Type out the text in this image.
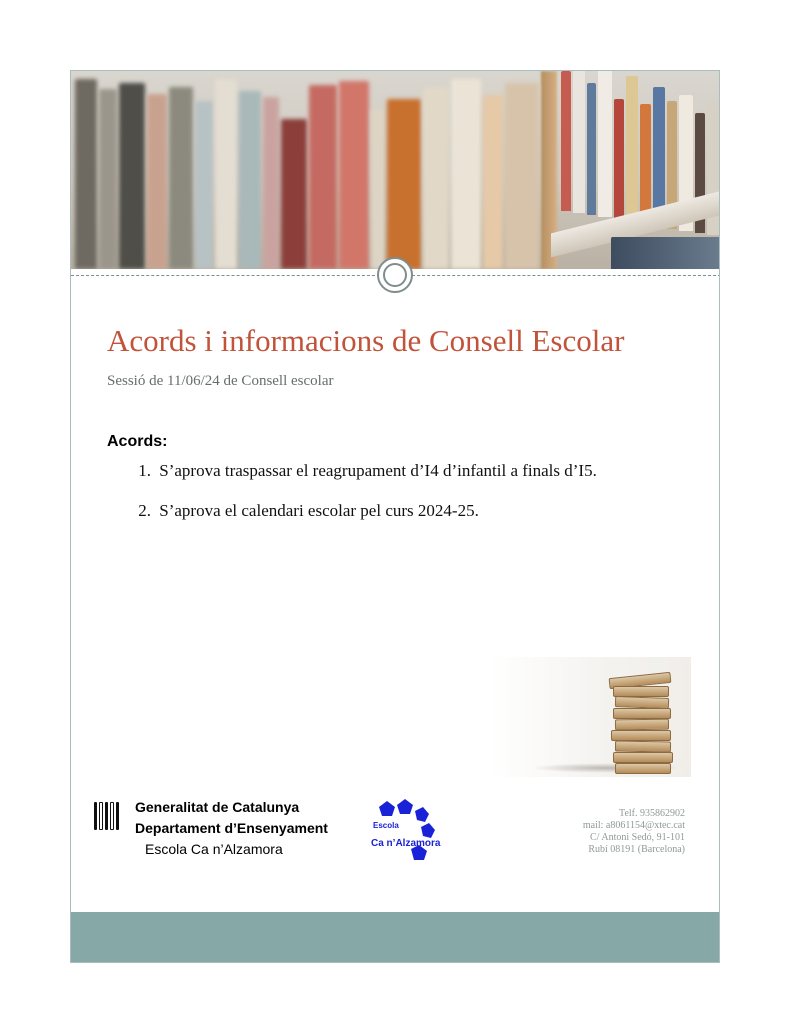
Acords i informacions de Consell Escolar
Sessió de 11/06/24 de Consell escolar
Acords:
1. S’aprova traspassar el reagrupament d’I4 d’infantil a finals d’I5.
2. S’aprova el calendari escolar pel curs 2024-25.
Generalitat de Catalunya
Departament d’Ensenyament
Escola Ca n’Alzamora
Escola
Ca n’Alzamora
Telf. 935862902
mail: a8061154@xtec.cat
C/ Antoni Sedó, 91-101
Rubí 08191 (Barcelona)
